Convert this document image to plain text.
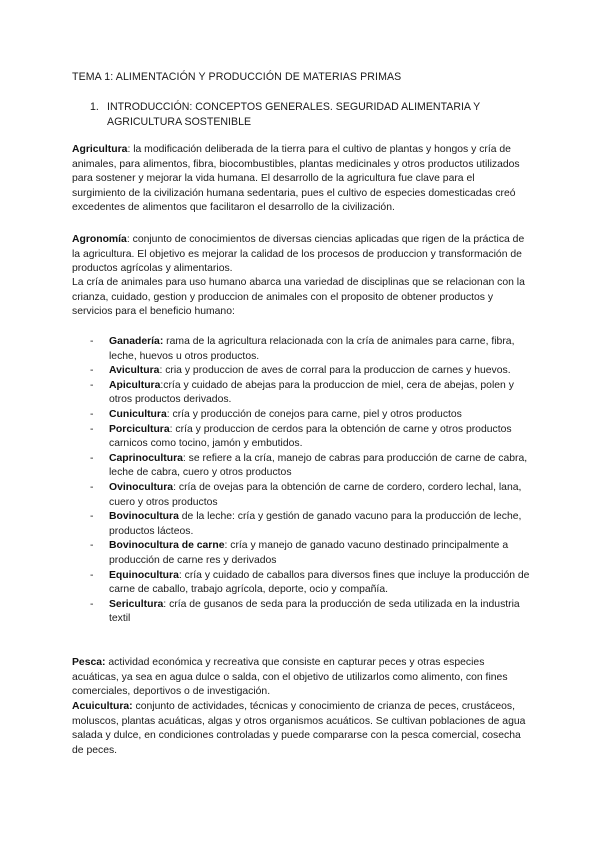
TEMA 1: ALIMENTACIÓN Y PRODUCCIÓN DE MATERIAS PRIMAS
1. INTRODUCCIÓN: CONCEPTOS GENERALES. SEGURIDAD ALIMENTARIA Y AGRICULTURA SOSTENIBLE
Agricultura: la modificación deliberada de la tierra para el cultivo de plantas y hongos y cría de animales, para alimentos, fibra, biocombustibles, plantas medicinales y otros productos utilizados para sostener y mejorar la vida humana. El desarrollo de la agricultura fue clave para el surgimiento de la civilización humana sedentaria, pues el cultivo de especies domesticadas creó excedentes de alimentos que facilitaron el desarrollo de la civilización.
Agronomía: conjunto de conocimientos de diversas ciencias aplicadas que rigen de la práctica de la agricultura. El objetivo es mejorar la calidad de los procesos de produccion y transformación de productos agrícolas y alimentarios.
La cría de animales para uso humano abarca una variedad de disciplinas que se relacionan con la crianza, cuidado, gestion y produccion de animales con el proposito de obtener productos y servicios para el beneficio humano:
- Ganadería: rama de la agricultura relacionada con la cría de animales para carne, fibra, leche, huevos u otros productos.
- Avicultura: cria y produccion de aves de corral para la produccion de carnes y huevos.
- Apicultura:cría y cuidado de abejas para la produccion de miel, cera de abejas, polen y otros productos derivados.
- Cunicultura: cría y producción de conejos para carne, piel y otros productos
- Porcicultura: cría y produccion de cerdos para la obtención de carne y otros productos carnicos como tocino, jamón y embutidos.
- Caprinocultura: se refiere a la cría, manejo de cabras para producción de carne de cabra, leche de cabra, cuero y otros productos
- Ovinocultura: cría de ovejas para la obtención de carne de cordero, cordero lechal, lana, cuero y otros productos
- Bovinocultura de la leche: cría y gestión de ganado vacuno para la producción de leche, productos lácteos.
- Bovinocultura de carne: cría y manejo de ganado vacuno destinado principalmente a producción de carne res y derivados
- Equinocultura: cría y cuidado de caballos para diversos fines que incluye la producción de carne de caballo, trabajo agrícola, deporte, ocio y compañía.
- Sericultura: cría de gusanos de seda para la producción de seda utilizada en la industria textil
Pesca: actividad económica y recreativa que consiste en capturar peces y otras especies acuáticas, ya sea en agua dulce o salda, con el objetivo de utilizarlos como alimento, con fines comerciales, deportivos o de investigación.
Acuicultura: conjunto de actividades, técnicas y conocimiento de crianza de peces, crustáceos, moluscos, plantas acuáticas, algas y otros organismos acuáticos. Se cultivan poblaciones de agua salada y dulce, en condiciones controladas y puede compararse con la pesca comercial, cosecha de peces.
